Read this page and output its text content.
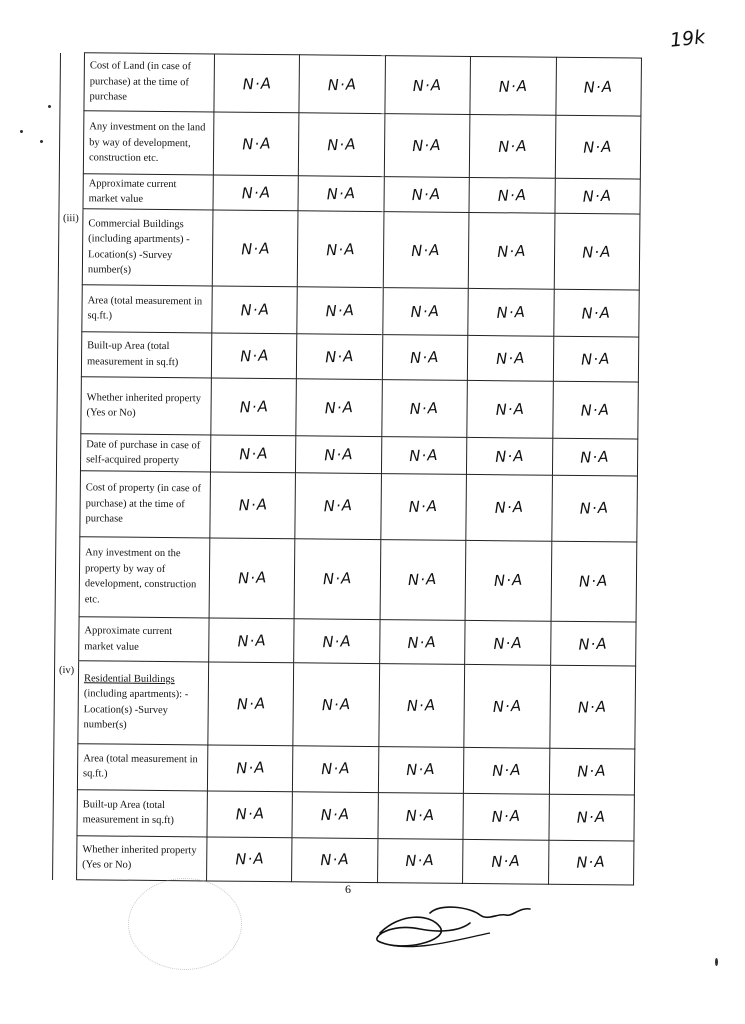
19k
	Cost of Land (in case of purchase) at the time of purchase	N·A	N·A	N·A	N·A	N·A
	Any investment on the land by way of development, construction etc.	N·A	N·A	N·A	N·A	N·A
	Approximate current market value	N·A	N·A	N·A	N·A	N·A
(iii)	Commercial Buildings (including apartments) -Location(s) -Survey number(s)	N·A	N·A	N·A	N·A	N·A
	Area (total measurement in sq.ft.)	N·A	N·A	N·A	N·A	N·A
	Built-up Area (total measurement in sq.ft)	N·A	N·A	N·A	N·A	N·A
	Whether inherited property (Yes or No)	N·A	N·A	N·A	N·A	N·A
	Date of purchase in case of self-acquired property	N·A	N·A	N·A	N·A	N·A
	Cost of property (in case of purchase) at the time of purchase	N·A	N·A	N·A	N·A	N·A
	Any investment on the property by way of development, construction etc.	N·A	N·A	N·A	N·A	N·A
	Approximate current market value	N·A	N·A	N·A	N·A	N·A
(iv)	Residential Buildings (including apartments): -Location(s) -Survey number(s)	N·A	N·A	N·A	N·A	N·A
	Area (total measurement in sq.ft.)	N·A	N·A	N·A	N·A	N·A
	Built-up Area (total measurement in sq.ft)	N·A	N·A	N·A	N·A	N·A
	Whether inherited property (Yes or No)	N·A	N·A	N·A	N·A	N·A
6
